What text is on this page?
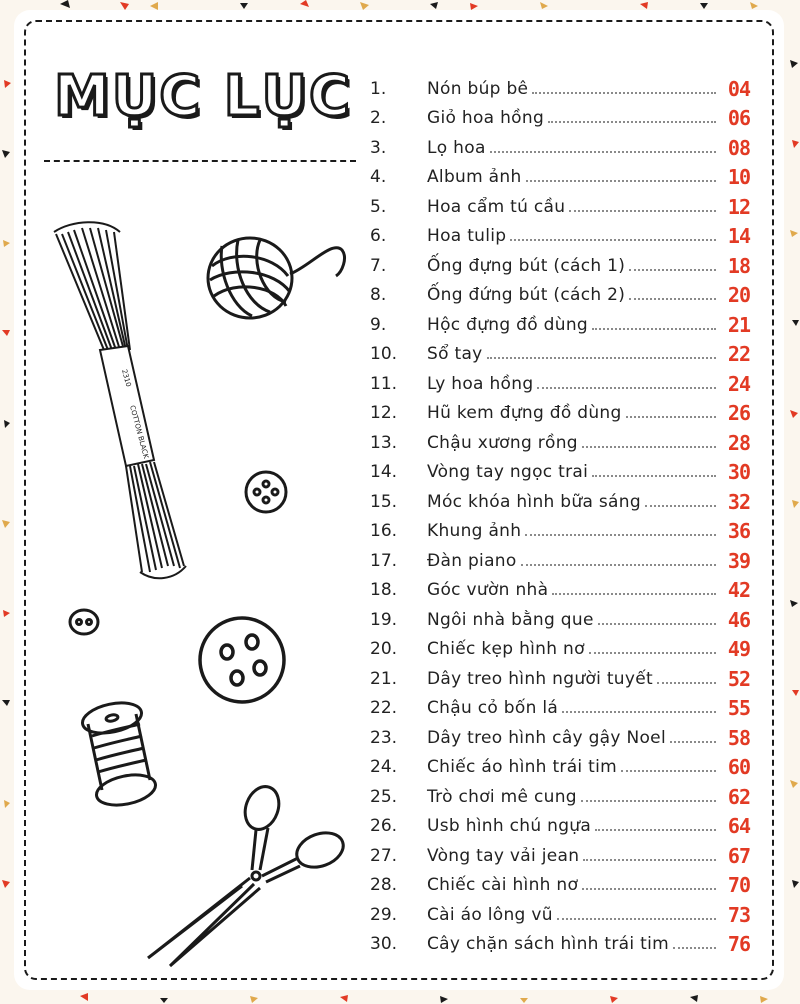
MỤC LỤC
2310
COTTON BLACK
1.	Nón búp bê	04
2.	Giỏ hoa hồng	06
3.	Lọ hoa	08
4.	Album ảnh	10
5.	Hoa cẩm tú cầu	12
6.	Hoa tulip	14
7.	Ống đựng bút (cách 1)	18
8.	Ống đứng bút (cách 2)	20
9.	Hộc đựng đồ dùng	21
10.	Sổ tay	22
11.	Ly hoa hồng	24
12.	Hũ kem đựng đồ dùng	26
13.	Chậu xương rồng	28
14.	Vòng tay ngọc trai	30
15.	Móc khóa hình bữa sáng	32
16.	Khung ảnh	36
17.	Đàn piano	39
18.	Góc vườn nhà	42
19.	Ngôi nhà bằng que	46
20.	Chiếc kẹp hình nơ	49
21.	Dây treo hình người tuyết	52
22.	Chậu cỏ bốn lá	55
23.	Dây treo hình cây gậy Noel	58
24.	Chiếc áo hình trái tim	60
25.	Trò chơi mê cung	62
26.	Usb hình chú ngựa	64
27.	Vòng tay vải jean	67
28.	Chiếc cài hình nơ	70
29.	Cài áo lông vũ	73
30.	Cây chặn sách hình trái tim	76
